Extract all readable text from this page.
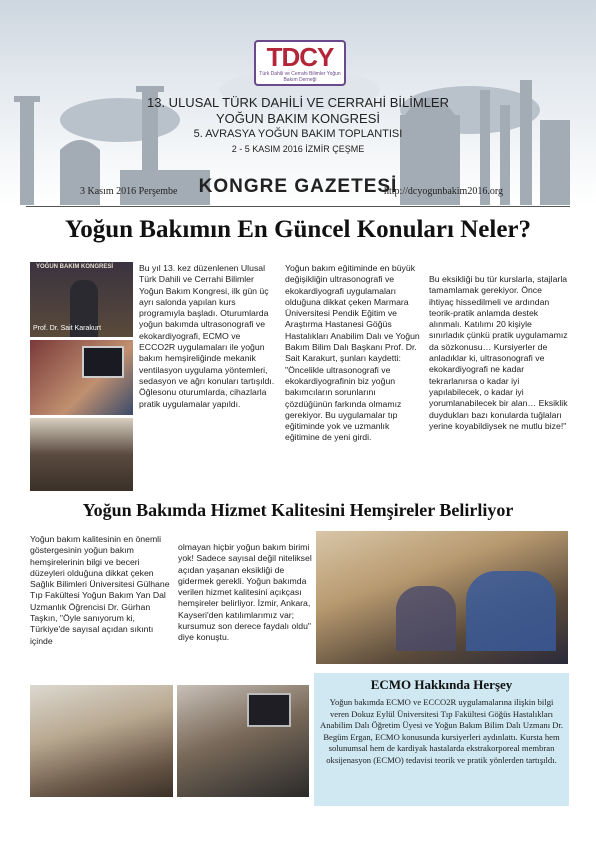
TDCY
Türk Dahili ve Cerrahi Bilimler Yoğun Bakım Derneği
13. ULUSAL TÜRK DAHİLİ VE CERRAHİ BİLİMLER
YOĞUN BAKIM KONGRESİ
5. AVRASYA YOĞUN BAKIM TOPLANTISI
2 - 5 KASIM 2016 İZMİR ÇEŞME
3 Kasım 2016 Perşembe	KONGRE GAZETESİ
http://dcyogunbakim2016.org
Yoğun Bakımın En Güncel Konuları Neler?
YOĞUN BAKIM KONGRESİ
Prof. Dr. Sait Karakurt
Bu yıl 13. kez düzenlenen Ulusal Türk Dahili ve Cerrahi Bilimler Yoğun Bakım Kongresi, ilk gün üç ayrı salonda yapılan kurs programıyla başladı. Oturumlarda yoğun bakımda ultrasonografi ve ekokardiyografi, ECMO ve ECCO2R uygulamaları ile yoğun bakım hemşireliğinde mekanik ventilasyon uygulama yöntemleri, sedasyon ve ağrı konuları tartışıldı. Öğlesonu oturumlarda, cihazlarla pratik uygulamalar yapıldı.
Yoğun bakım eğitiminde en büyük değişikliğin ultrasonografi ve ekokardiyografi uygulamaları olduğuna dikkat çeken Marmara Üniversitesi Pendik Eğitim ve Araştırma Hastanesi Göğüs Hastalıkları Anabilim Dalı ve Yoğun Bakım Bilim Dalı Başkanı Prof. Dr. Sait Karakurt, şunları kaydetti: "Öncelikle ultrasonografi ve ekokardiyografinin biz yoğun bakımcıların sorunlarını çözdüğünün farkında olmamız gerekiyor. Bu uygulamalar tıp eğitiminde yok ve uzmanlık eğitimine de yeni girdi.
Bu eksikliği bu tür kurslarla, stajlarla tamamlamak gerekiyor. Önce ihtiyaç hissedilmeli ve ardından teorik-pratik anlamda destek alınmalı. Katılımı 20 kişiyle sınırladık çünkü pratik uygulamamız da sözkonusu… Kursiyerler de anladıklar ki, ultrasonografi ve ekokardiyografi ne kadar tekrarlanırsa o kadar iyi yapılabilecek, o kadar iyi yorumlanabilecek bir alan… Eksiklik duydukları bazı konularda tuğlaları yerine koyabildiysek ne mutlu bize!"
Yoğun Bakımda Hizmet Kalitesini Hemşireler Belirliyor
Yoğun bakım kalitesinin en önemli göstergesinin yoğun bakım hemşirelerinin bilgi ve beceri düzeyleri olduğuna dikkat çeken Sağlık Bilimleri Üniversitesi Gülhane Tıp Fakültesi Yoğun Bakım Yan Dal Uzmanlık Öğrencisi Dr. Gürhan Taşkın, "Öyle sanıyorum ki, Türkiye'de sayısal açıdan sıkıntı içinde
olmayan hiçbir yoğun bakım birimi yok! Sadece sayısal değil niteliksel açıdan yaşanan eksikliği de gidermek gerekli. Yoğun bakımda verilen hizmet kalitesini açıkçası hemşireler belirliyor. İzmir, Ankara, Kayseri'den katılımlarımız var; kursumuz son derece faydalı oldu" diye konuştu.
ECMO Hakkında Herşey
Yoğun bakımda ECMO ve ECCO2R uygulamalarına ilişkin bilgi veren Dokuz Eylül Üniversitesi Tıp Fakültesi Göğüs Hastalıkları Anabilim Dalı Öğretim Üyesi ve Yoğun Bakım Bilim Dalı Uzmanı Dr. Begüm Ergan, ECMO konusunda kursiyerleri aydınlattı. Kursta hem solunumsal hem de kardiyak hastalarda ekstrakorporeal membran oksijenasyon (ECMO) tedavisi teorik ve pratik yönlerden tartışıldı.
